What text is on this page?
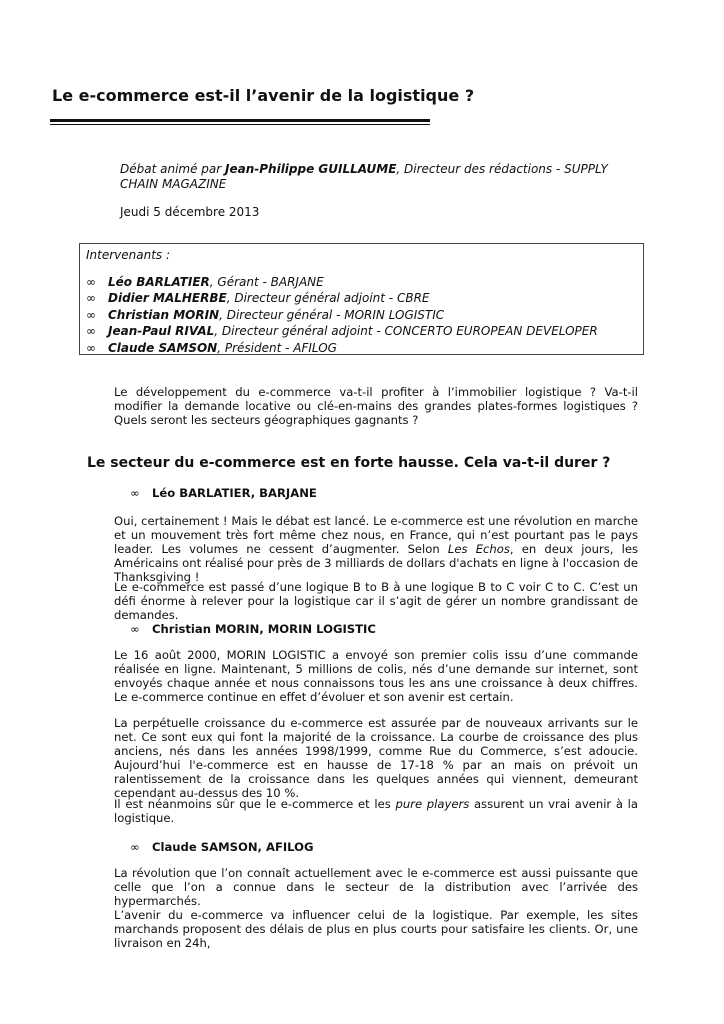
Le e-commerce est-il l’avenir de la logistique ?
Débat animé par Jean-Philippe GUILLAUME, Directeur des rédactions - SUPPLY CHAIN MAGAZINE
Jeudi 5 décembre 2013
Intervenants :
∞ Léo BARLATIER, Gérant - BARJANE
∞ Didier MALHERBE, Directeur général adjoint - CBRE
∞ Christian MORIN, Directeur général - MORIN LOGISTIC
∞ Jean-Paul RIVAL, Directeur général adjoint - CONCERTO EUROPEAN DEVELOPER
∞ Claude SAMSON, Président - AFILOG
Le développement du e-commerce va-t-il profiter à l’immobilier logistique ? Va-t-il modifier la demande locative ou clé-en-mains des grandes plates-formes logistiques ? Quels seront les secteurs géographiques gagnants ?
Le secteur du e-commerce est en forte hausse. Cela va-t-il durer ?
∞ Léo BARLATIER, BARJANE
Oui, certainement ! Mais le débat est lancé. Le e-commerce est une révolution en marche et un mouvement très fort même chez nous, en France, qui n’est pourtant pas le pays leader. Les volumes ne cessent d’augmenter. Selon Les Echos, en deux jours, les Américains ont réalisé pour près de 3 milliards de dollars d'achats en ligne à l'occasion de Thanksgiving !
Le e-commerce est passé d’une logique B to B à une logique B to C voir C to C. C’est un défi énorme à relever pour la logistique car il s’agit de gérer un nombre grandissant de demandes.
∞ Christian MORIN, MORIN LOGISTIC
Le 16 août 2000, MORIN LOGISTIC a envoyé son premier colis issu d’une commande réalisée en ligne. Maintenant, 5 millions de colis, nés d’une demande sur internet, sont envoyés chaque année et nous connaissons tous les ans une croissance à deux chiffres. Le e-commerce continue en effet d’évoluer et son avenir est certain.
La perpétuelle croissance du e-commerce est assurée par de nouveaux arrivants sur le net. Ce sont eux qui font la majorité de la croissance. La courbe de croissance des plus anciens, nés dans les années 1998/1999, comme Rue du Commerce, s’est adoucie. Aujourd’hui l'e-commerce est en hausse de 17-18 % par an mais on prévoit un ralentissement de la croissance dans les quelques années qui viennent, demeurant cependant au-dessus des 10 %.
Il est néanmoins sûr que le e-commerce et les pure players assurent un vrai avenir à la logistique.
∞ Claude SAMSON, AFILOG
La révolution que l’on connaît actuellement avec le e-commerce est aussi puissante que celle que l’on a connue dans le secteur de la distribution avec l’arrivée des hypermarchés.
L’avenir du e-commerce va influencer celui de la logistique. Par exemple, les sites marchands proposent des délais de plus en plus courts pour satisfaire les clients. Or, une livraison en 24h,
